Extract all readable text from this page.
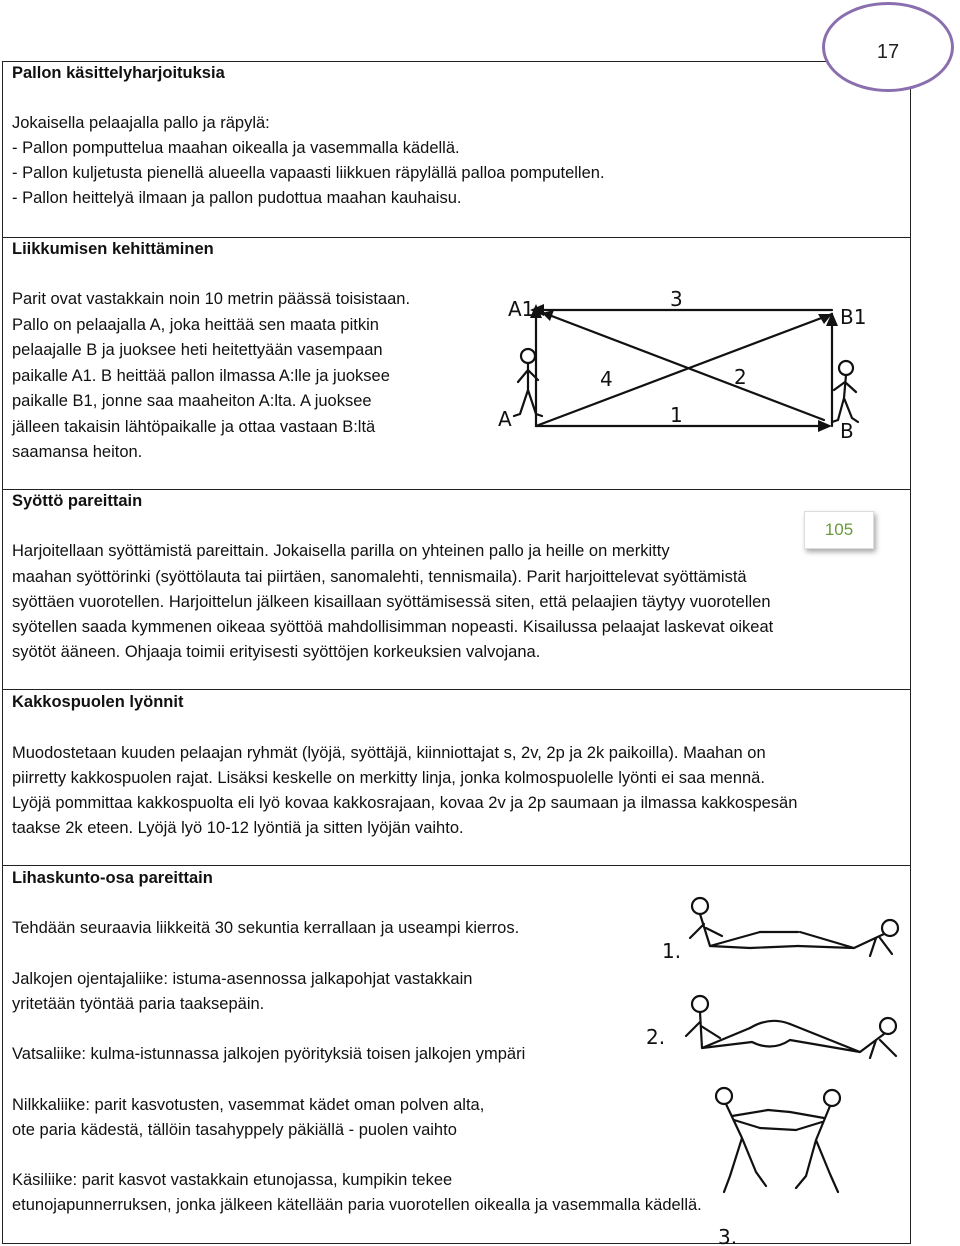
17
Pallon käsittelyharjoituksia
Jokaisella pelaajalla pallo ja räpylä:
- Pallon pomputtelua maahan oikealla ja vasemmalla kädellä.
- Pallon kuljetusta pienellä alueella vapaasti liikkuen räpylällä palloa pomputellen.
- Pallon heittelyä ilmaan ja pallon pudottua maahan kauhaisu.
Liikkumisen kehittäminen
Parit ovat vastakkain noin 10 metrin päässä toisistaan.
Pallo on pelaajalla A, joka heittää sen maata pitkin
pelaajalle B ja juoksee heti heitettyään vasempaan
paikalle A1. B heittää pallon ilmassa A:lle ja juoksee
paikalle B1, jonne saa maaheiton A:lta. A juoksee
jälleen takaisin lähtöpaikalle ja ottaa vastaan B:ltä
saamansa heiton.
A1	B1
A	B
3
4	2
1
Syöttö pareittain
105
Harjoitellaan syöttämistä pareittain. Jokaisella parilla on yhteinen pallo ja heille on merkitty
maahan syöttörinki (syöttölauta tai piirtäen, sanomalehti, tennismaila). Parit harjoittelevat syöttämistä
syöttäen vuorotellen. Harjoittelun jälkeen kisaillaan syöttämisessä siten, että pelaajien täytyy vuorotellen
syötellen saada kymmenen oikeaa syöttöä mahdollisimman nopeasti. Kisailussa pelaajat laskevat oikeat
syötöt ääneen. Ohjaaja toimii erityisesti syöttöjen korkeuksien valvojana.
Kakkospuolen lyönnit
Muodostetaan kuuden pelaajan ryhmät (lyöjä, syöttäjä, kiinniottajat s, 2v, 2p ja 2k paikoilla). Maahan on
piirretty kakkospuolen rajat. Lisäksi keskelle on merkitty linja, jonka kolmospuolelle lyönti ei saa mennä.
Lyöjä pommittaa kakkospuolta eli lyö kovaa kakkosrajaan, kovaa 2v ja 2p saumaan ja ilmassa kakkospesän
taakse 2k eteen. Lyöjä lyö 10-12 lyöntiä ja sitten lyöjän vaihto.
Lihaskunto-osa pareittain
Tehdään seuraavia liikkeitä 30 sekuntia kerrallaan ja useampi kierros.
Jalkojen ojentajaliike: istuma-asennossa jalkapohjat vastakkain
yritetään työntää paria taaksepäin.
Vatsaliike: kulma-istunnassa jalkojen pyörityksiä toisen jalkojen ympäri
Nilkkaliike: parit kasvotusten, vasemmat kädet oman polven alta,
ote paria kädestä, tällöin tasahyppely päkiällä - puolen vaihto
Käsiliike: parit kasvot vastakkain etunojassa, kumpikin tekee
etunojapunnerruksen, jonka jälkeen kätellään paria vuorotellen oikealla ja vasemmalla kädellä.
1.
2.
3.
